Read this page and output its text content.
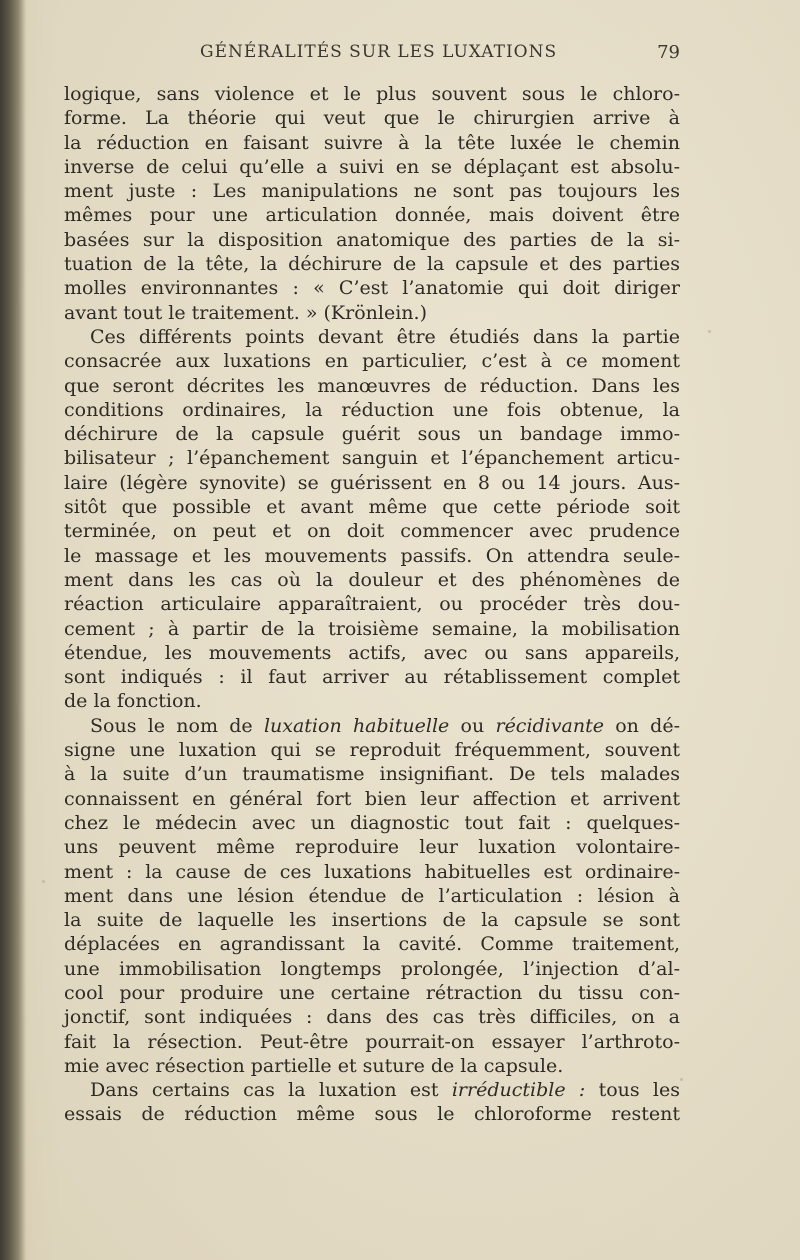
GÉNÉRALITÉS SUR LES LUXATIONS	79
logique, sans violence et le plus souvent sous le chloro-
forme. La théorie qui veut que le chirurgien arrive à
la réduction en faisant suivre à la tête luxée le chemin
inverse de celui qu’elle a suivi en se déplaçant est absolu-
ment juste : Les manipulations ne sont pas toujours les
mêmes pour une articulation donnée, mais doivent être
basées sur la disposition anatomique des parties de la si-
tuation de la tête, la déchirure de la capsule et des parties
molles environnantes : « C’est l’anatomie qui doit diriger
avant tout le traitement. » (Krönlein.)
Ces différents points devant être étudiés dans la partie
consacrée aux luxations en particulier, c’est à ce moment
que seront décrites les manœuvres de réduction. Dans les
conditions ordinaires, la réduction une fois obtenue, la
déchirure de la capsule guérit sous un bandage immo-
bilisateur ; l’épanchement sanguin et l’épanchement articu-
laire (légère synovite) se guérissent en 8 ou 14 jours. Aus-
sitôt que possible et avant même que cette période soit
terminée, on peut et on doit commencer avec prudence
le massage et les mouvements passifs. On attendra seule-
ment dans les cas où la douleur et des phénomènes de
réaction articulaire apparaîtraient, ou procéder très dou-
cement ; à partir de la troisième semaine, la mobilisation
étendue, les mouvements actifs, avec ou sans appareils,
sont indiqués : il faut arriver au rétablissement complet
de la fonction.
Sous le nom de luxation habituelle ou récidivante on dé-
signe une luxation qui se reproduit fréquemment, souvent
à la suite d’un traumatisme insignifiant. De tels malades
connaissent en général fort bien leur affection et arrivent
chez le médecin avec un diagnostic tout fait : quelques-
uns peuvent même reproduire leur luxation volontaire-
ment : la cause de ces luxations habituelles est ordinaire-
ment dans une lésion étendue de l’articulation : lésion à
la suite de laquelle les insertions de la capsule se sont
déplacées en agrandissant la cavité. Comme traitement,
une immobilisation longtemps prolongée, l’injection d’al-
cool pour produire une certaine rétraction du tissu con-
jonctif, sont indiquées : dans des cas très difficiles, on a
fait la résection. Peut-être pourrait-on essayer l’arthroto-
mie avec résection partielle et suture de la capsule.
Dans certains cas la luxation est irréductible : tous les
essais de réduction même sous le chloroforme restent
